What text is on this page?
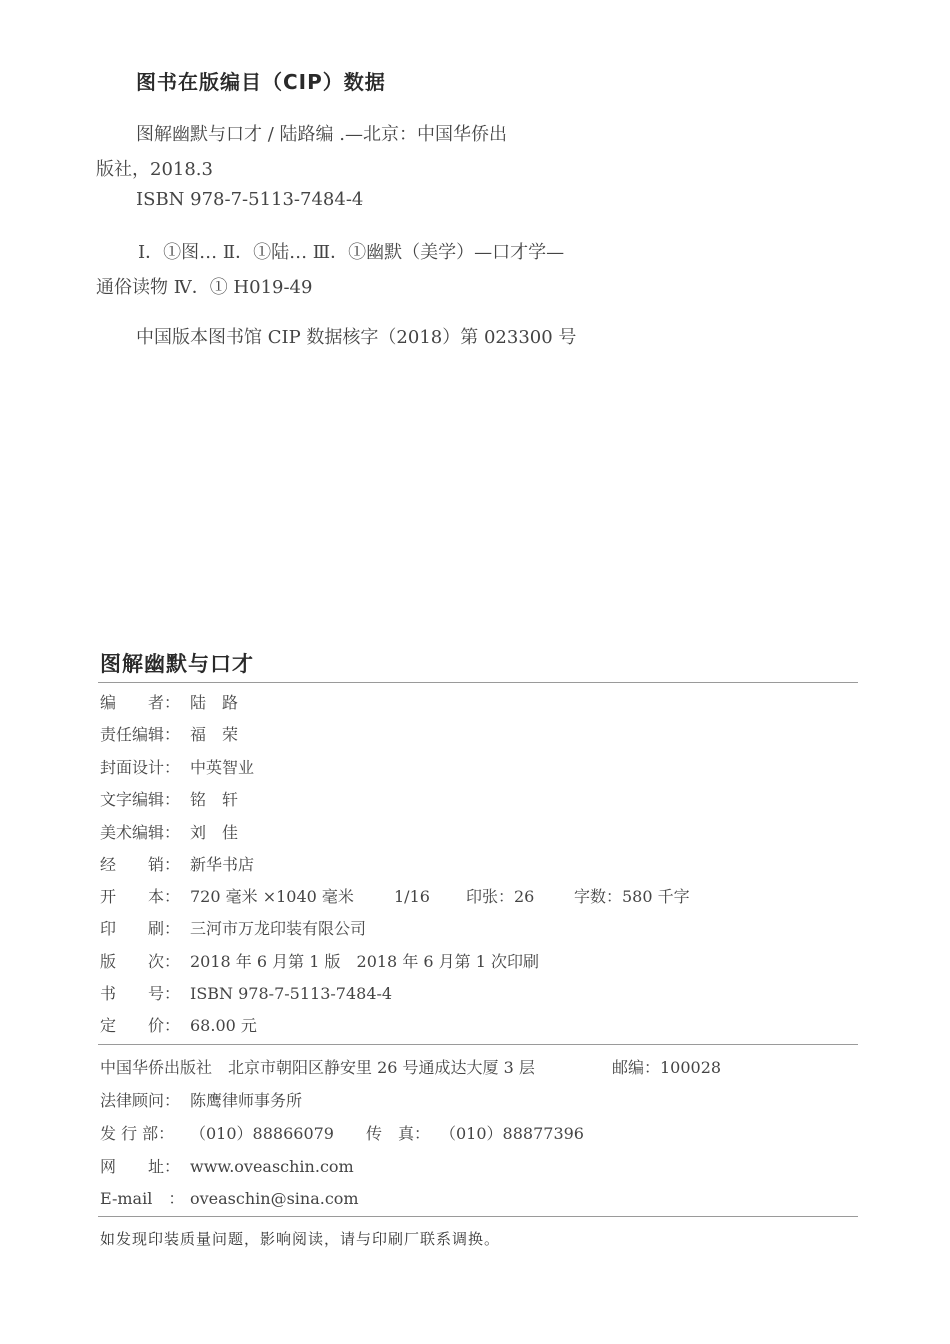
图书在版编目（CIP）数据
图解幽默与口才 / 陆路编 .—北京：中国华侨出
版社，2018.3
ISBN 978-7-5113-7484-4
Ⅰ．①图… Ⅱ．①陆… Ⅲ．①幽默（美学）—口才学—
通俗读物 Ⅳ．① H019-49
中国版本图书馆 CIP 数据核字（2018）第 023300 号
图解幽默与口才
编　　者： 陆　路
责任编辑： 福　荣
封面设计： 中英智业
文字编辑： 铭　轩
美术编辑： 刘　佳
经　　销： 新华书店
开　　本： 720 毫米 ×1040 毫米	1/16 印张：26 字数：580 千字
印　　刷： 三河市万龙印装有限公司
版　　次： 2018 年 6 月第 1 版　2018 年 6 月第 1 次印刷
书　　号： ISBN 978-7-5113-7484-4
定　　价： 68.00 元
中国华侨出版社　北京市朝阳区静安里 26 号通成达大厦 3 层	邮编：100028
法律顾问： 陈鹰律师事务所
发 行 部： （010）88866079 传　真： （010）88877396
网　　址： www.oveaschin.com
E-mail　： oveaschin@sina.com
如发现印装质量问题，影响阅读，请与印刷厂联系调换。
